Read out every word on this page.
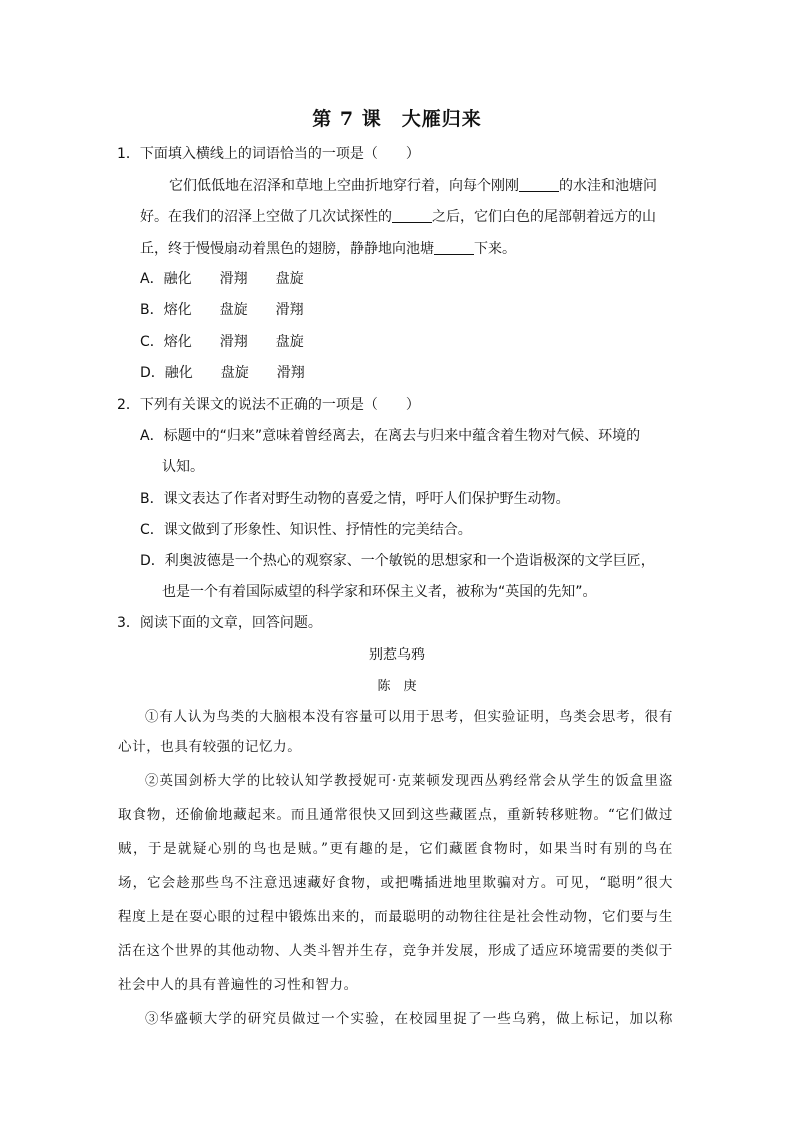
第 7 课　大雁归来
1．下面填入横线上的词语恰当的一项是（　　）
它们低低地在沼泽和草地上空曲折地穿行着，向每个刚刚	的水洼和池塘问
好。在我们的沼泽上空做了几次试探性的	之后，它们白色的尾部朝着远方的山
丘，终于慢慢扇动着黑色的翅膀，静静地向池塘	下来。
A．融化 滑翔 盘旋
B．熔化 盘旋 滑翔
C．熔化 滑翔 盘旋
D．融化 盘旋 滑翔
2．下列有关课文的说法不正确的一项是（　　）
A．标题中的“归来”意味着曾经离去，在离去与归来中蕴含着生物对气候、环境的
认知。
B．课文表达了作者对野生动物的喜爱之情，呼吁人们保护野生动物。
C．课文做到了形象性、知识性、抒情性的完美结合。
D．利奥波德是一个热心的观察家、一个敏锐的思想家和一个造诣极深的文学巨匠，
也是一个有着国际威望的科学家和环保主义者，被称为“英国的先知”。
3．阅读下面的文章，回答问题。
别惹乌鸦
陈　庚
①有人认为鸟类的大脑根本没有容量可以用于思考，但实验证明，鸟类会思考，很有
心计，也具有较强的记忆力。
②英国剑桥大学的比较认知学教授妮可·克莱顿发现西丛鸦经常会从学生的饭盒里盗
取食物，还偷偷地藏起来。而且通常很快又回到这些藏匿点，重新转移赃物。“它们做过
贼，于是就疑心别的鸟也是贼。”更有趣的是，它们藏匿食物时，如果当时有别的鸟在
场，它会趁那些鸟不注意迅速藏好食物，或把嘴插进地里欺骗对方。可见，“聪明”很大
程度上是在耍心眼的过程中锻炼出来的，而最聪明的动物往往是社会性动物，它们要与生
活在这个世界的其他动物、人类斗智并生存，竞争并发展，形成了适应环境需要的类似于
社会中人的具有普遍性的习性和智力。
③华盛顿大学的研究员做过一个实验，在校园里捉了一些乌鸦，做上标记，加以称
